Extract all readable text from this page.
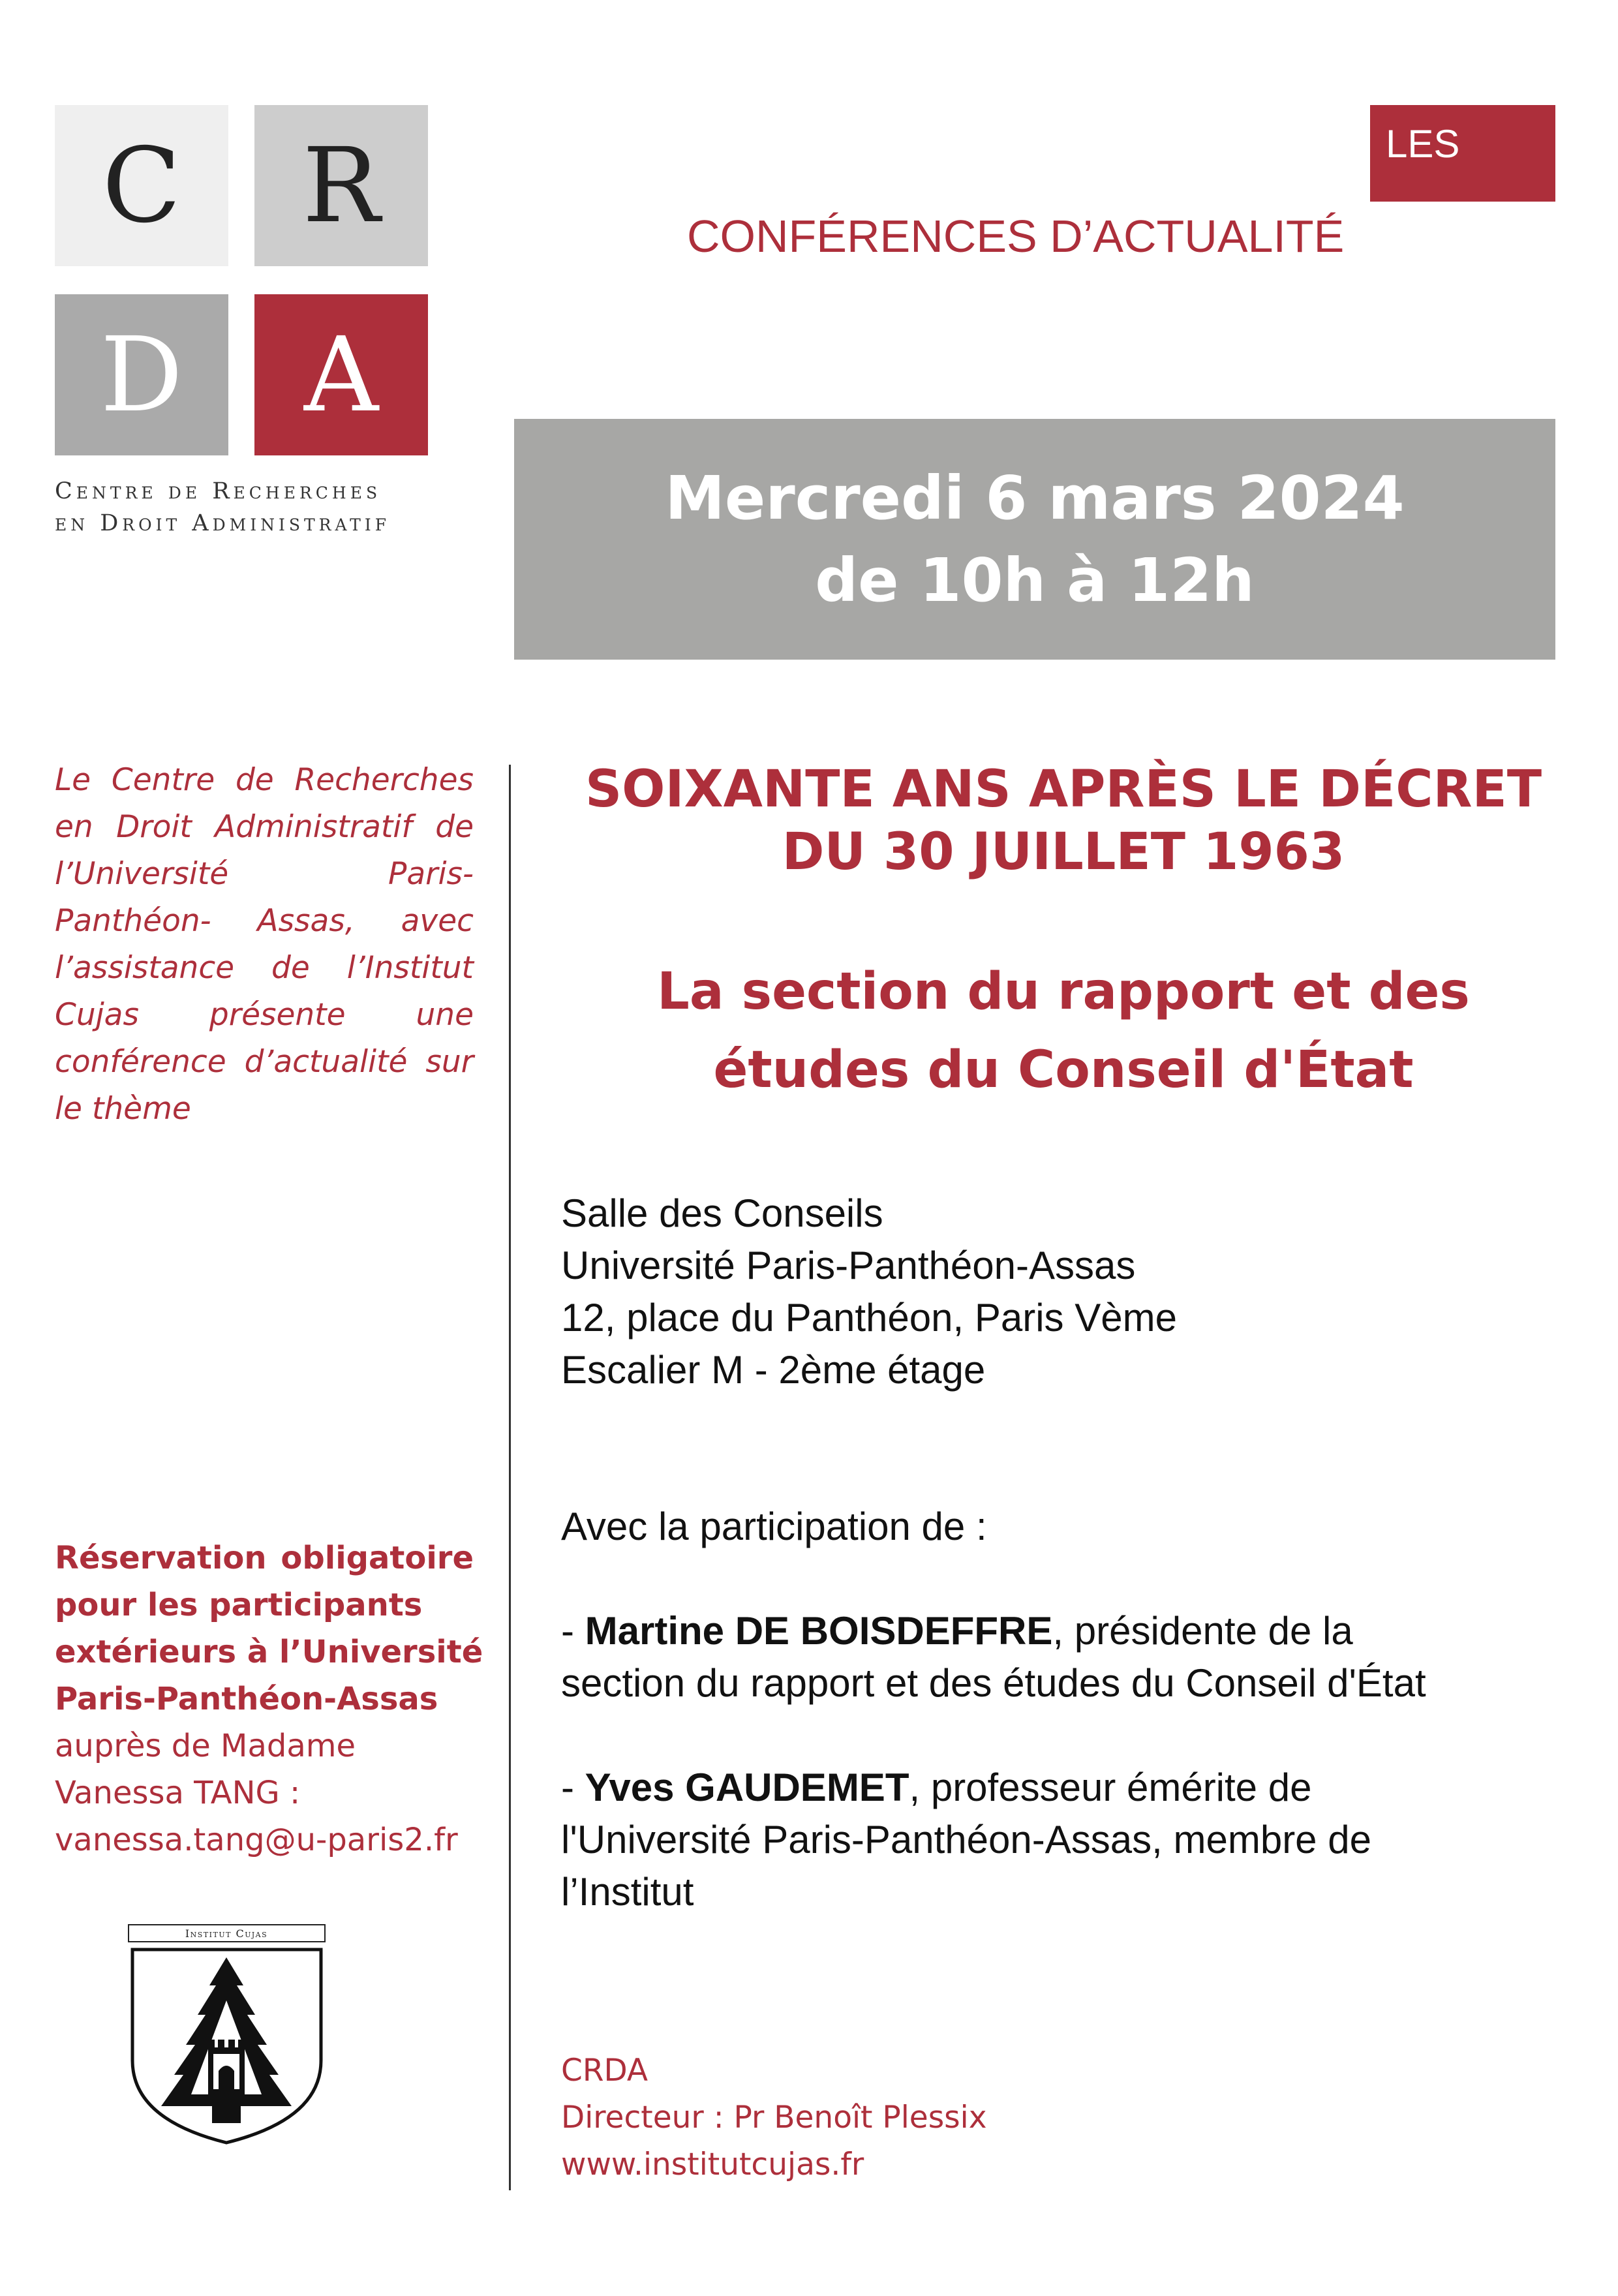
C	R
D	A
Centre de Recherches
en Droit Administratif
LES
CONFÉRENCES D’ACTUALITÉ
Mercredi 6 mars 2024
de 10h à 12h
Le Centre de Recherches en Droit Administratif de l’Université Paris-Panthéon- Assas, avec l’assistance de l’Institut Cujas présente une conférence d’actualité sur le thème
Réservation obligatoire
pour les participants
extérieurs à l’Université
Paris-Panthéon-Assas
auprès de Madame
Vanessa TANG :
vanessa.tang@u-paris2.fr
Institut Cujas
SOIXANTE ANS APRÈS LE DÉCRET
DU 30 JUILLET 1963
La section du rapport et des
études du Conseil d'État
Salle des Conseils
Université Paris-Panthéon-Assas
12, place du Panthéon, Paris Vème
Escalier M - 2ème étage
Avec la participation de :
- Martine DE BOISDEFFRE, présidente de la
section du rapport et des études du Conseil d'État
- Yves GAUDEMET, professeur émérite de
l'Université Paris-Panthéon-Assas, membre de
l’Institut
CRDA
Directeur : Pr Benoît Plessix
www.institutcujas.fr
